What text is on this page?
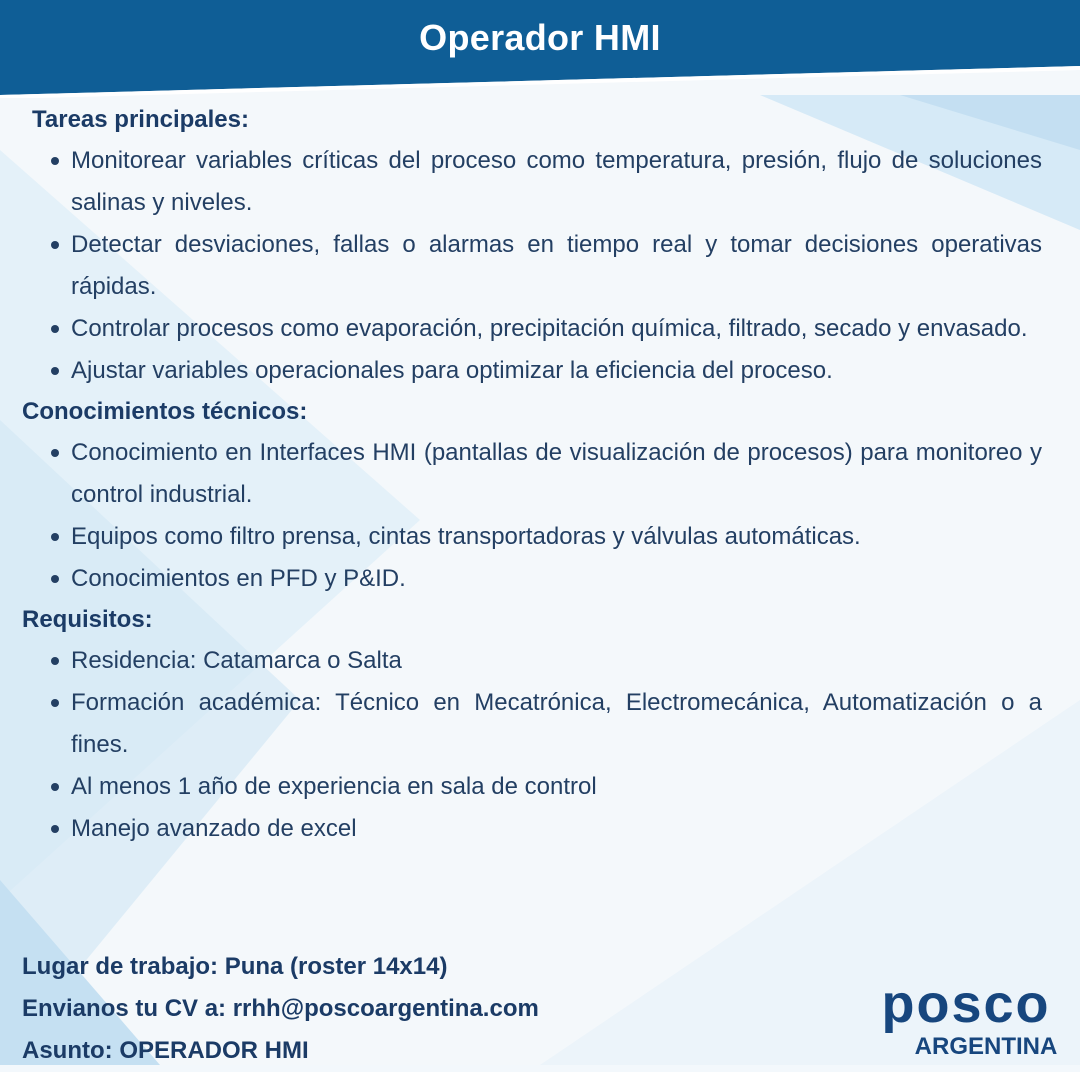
Operador HMI
Tareas principales:
Monitorear variables críticas del proceso como temperatura, presión, flujo de soluciones salinas y niveles.
Detectar desviaciones, fallas o alarmas en tiempo real y tomar decisiones operativas rápidas.
Controlar procesos como evaporación, precipitación química, filtrado, secado y envasado.
Ajustar variables operacionales para optimizar la eficiencia del proceso.
Conocimientos técnicos:
Conocimiento en Interfaces HMI (pantallas de visualización de procesos) para monitoreo y control industrial.
Equipos como filtro prensa, cintas transportadoras y válvulas automáticas.
Conocimientos en PFD y P&ID.
Requisitos:
Residencia: Catamarca o Salta
Formación académica: Técnico en Mecatrónica, Electromecánica, Automatización o a fines.
Al menos 1 año de experiencia en sala de control
Manejo avanzado de excel
Lugar de trabajo: Puna (roster 14x14)
Envianos tu CV a: rrhh@poscoargentina.com
Asunto: OPERADOR HMI
posco
ARGENTINA
